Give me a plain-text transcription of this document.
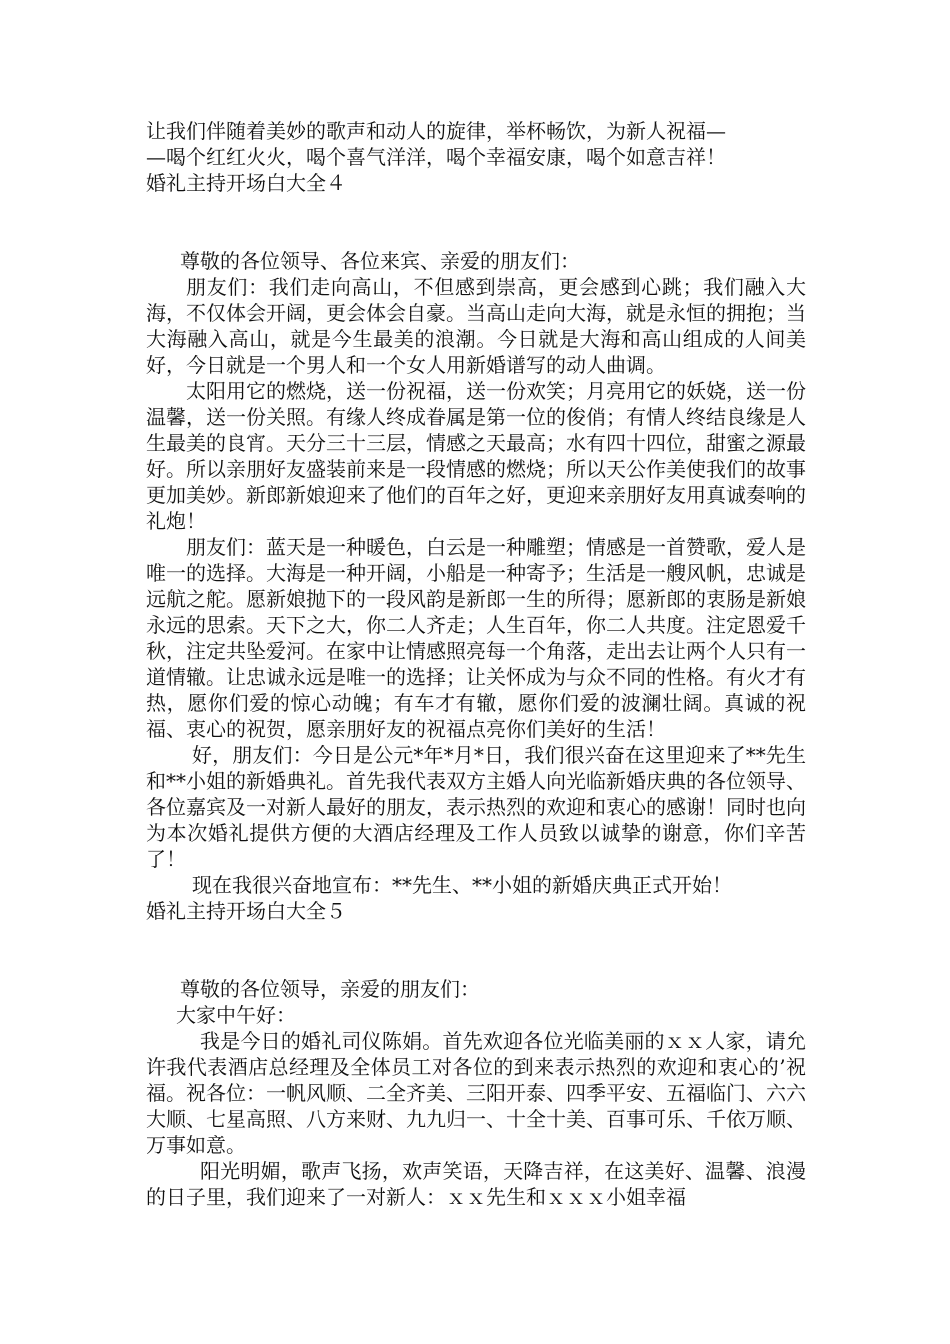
让我们伴随着美妙的歌声和动人的旋律，举杯畅饮，为新人祝福—

—喝个红红火火，喝个喜气洋洋，喝个幸福安康，喝个如意吉祥！

婚礼主持开场白大全４

尊敬的各位领导、各位来宾、亲爱的朋友们：

朋友们：我们走向高山，不但感到崇高，更会感到心跳；我们融入大海，不仅体会开阔，更会体会自豪。当高山走向大海，就是永恒的拥抱；当大海融入高山，就是今生最美的浪潮。今日就是大海和高山组成的人间美好，今日就是一个男人和一个女人用新婚谱写的动人曲调。

太阳用它的燃烧，送一份祝福，送一份欢笑；月亮用它的妖娆，送一份温馨，送一份关照。有缘人终成眷属是第一位的俊俏；有情人终结良缘是人生最美的良宵。天分三十三层，情感之天最高；水有四十四位，甜蜜之源最好。所以亲朋好友盛装前来是一段情感的燃烧；所以天公作美使我们的故事更加美妙。新郎新娘迎来了他们的百年之好，更迎来亲朋好友用真诚奏响的礼炮！

朋友们：蓝天是一种暖色，白云是一种雕塑；情感是一首赞歌，爱人是唯一的选择。大海是一种开阔，小船是一种寄予；生活是一艘风帆，忠诚是远航之舵。愿新娘抛下的一段风韵是新郎一生的所得；愿新郎的衷肠是新娘永远的思索。天下之大，你二人齐走；人生百年，你二人共度。注定恩爱千秋，注定共坠爱河。在家中让情感照亮每一个角落，走出去让两个人只有一道情辙。让忠诚永远是唯一的选择；让关怀成为与众不同的性格。有火才有热，愿你们爱的惊心动魄；有车才有辙，愿你们爱的波澜壮阔。真诚的祝福、衷心的祝贺，愿亲朋好友的祝福点亮你们美好的生活！

好，朋友们：今日是公元*年*月*日，我们很兴奋在这里迎来了**先生和**小姐的新婚典礼。首先我代表双方主婚人向光临新婚庆典的各位领导、各位嘉宾及一对新人最好的朋友，表示热烈的欢迎和衷心的感谢！同时也向为本次婚礼提供方便的大酒店经理及工作人员致以诚挚的谢意，你们辛苦了！

现在我很兴奋地宣布：**先生、**小姐的新婚庆典正式开始！

婚礼主持开场白大全５

尊敬的各位领导，亲爱的朋友们：

大家中午好：

我是今日的婚礼司仪陈娟。首先欢迎各位光临美丽的ｘｘ人家，请允许我代表酒店总经理及全体员工对各位的到来表示热烈的欢迎和衷心的’祝福。祝各位：一帆风顺、二全齐美、三阳开泰、四季平安、五福临门、六六大顺、七星高照、八方来财、九九归一、十全十美、百事可乐、千依万顺、万事如意。

阳光明媚，歌声飞扬，欢声笑语，天降吉祥，在这美好、温馨、浪漫的日子里，我们迎来了一对新人：ｘｘ先生和ｘｘｘ小姐幸福
